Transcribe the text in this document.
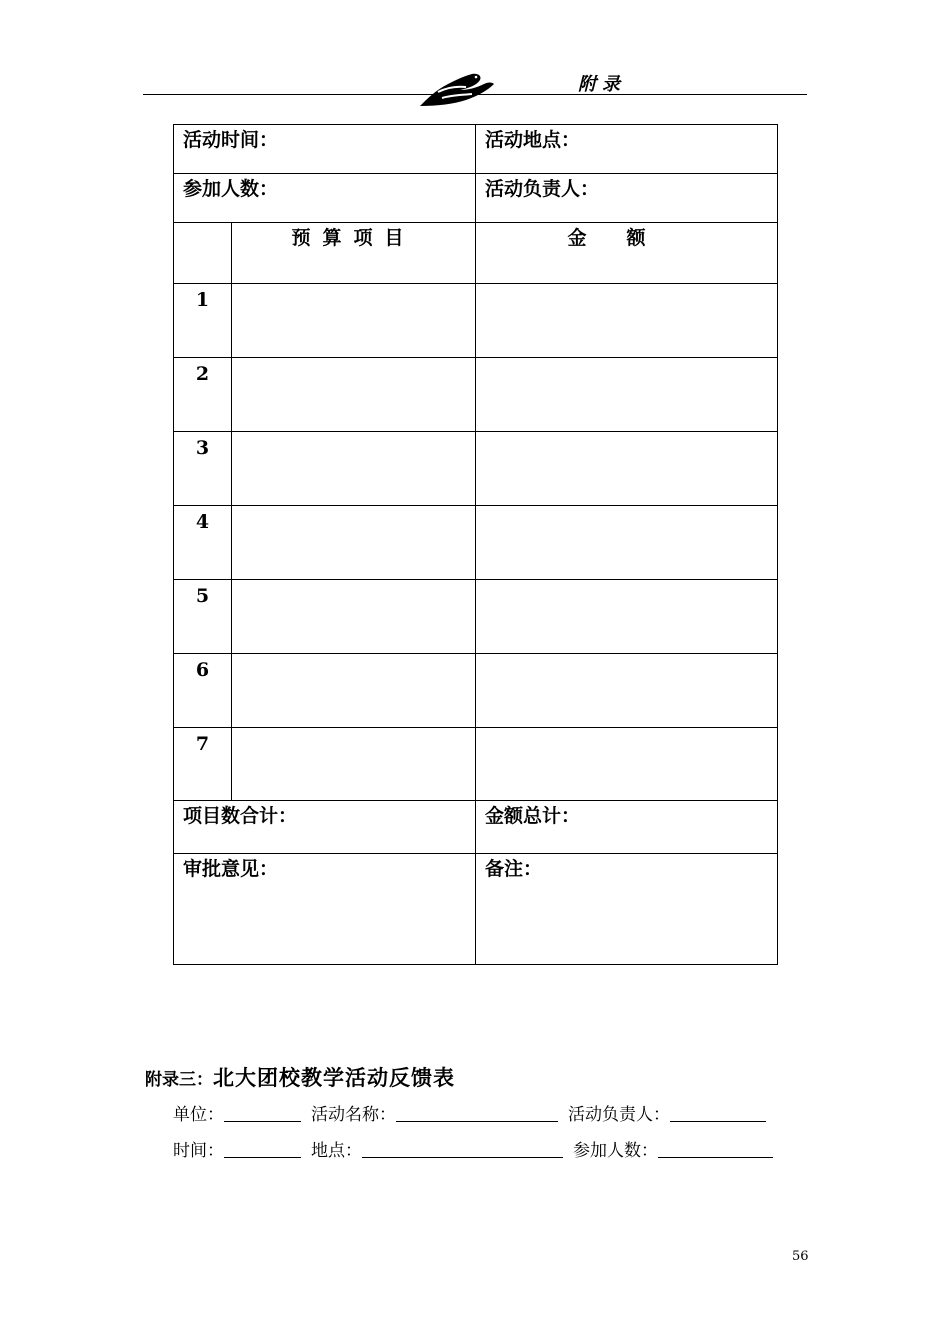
附录
活动时间：		活动地点：
参加人数：		活动负责人：
	预算项目	金额
1		
2		
3		
4		
5		
6		
7		
项目数合计：		金额总计：
审批意见：		备注：
附录三：北大团校教学活动反馈表
单位：	活动名称：	活动负责人：
时间：	地点：	参加人数：
56
